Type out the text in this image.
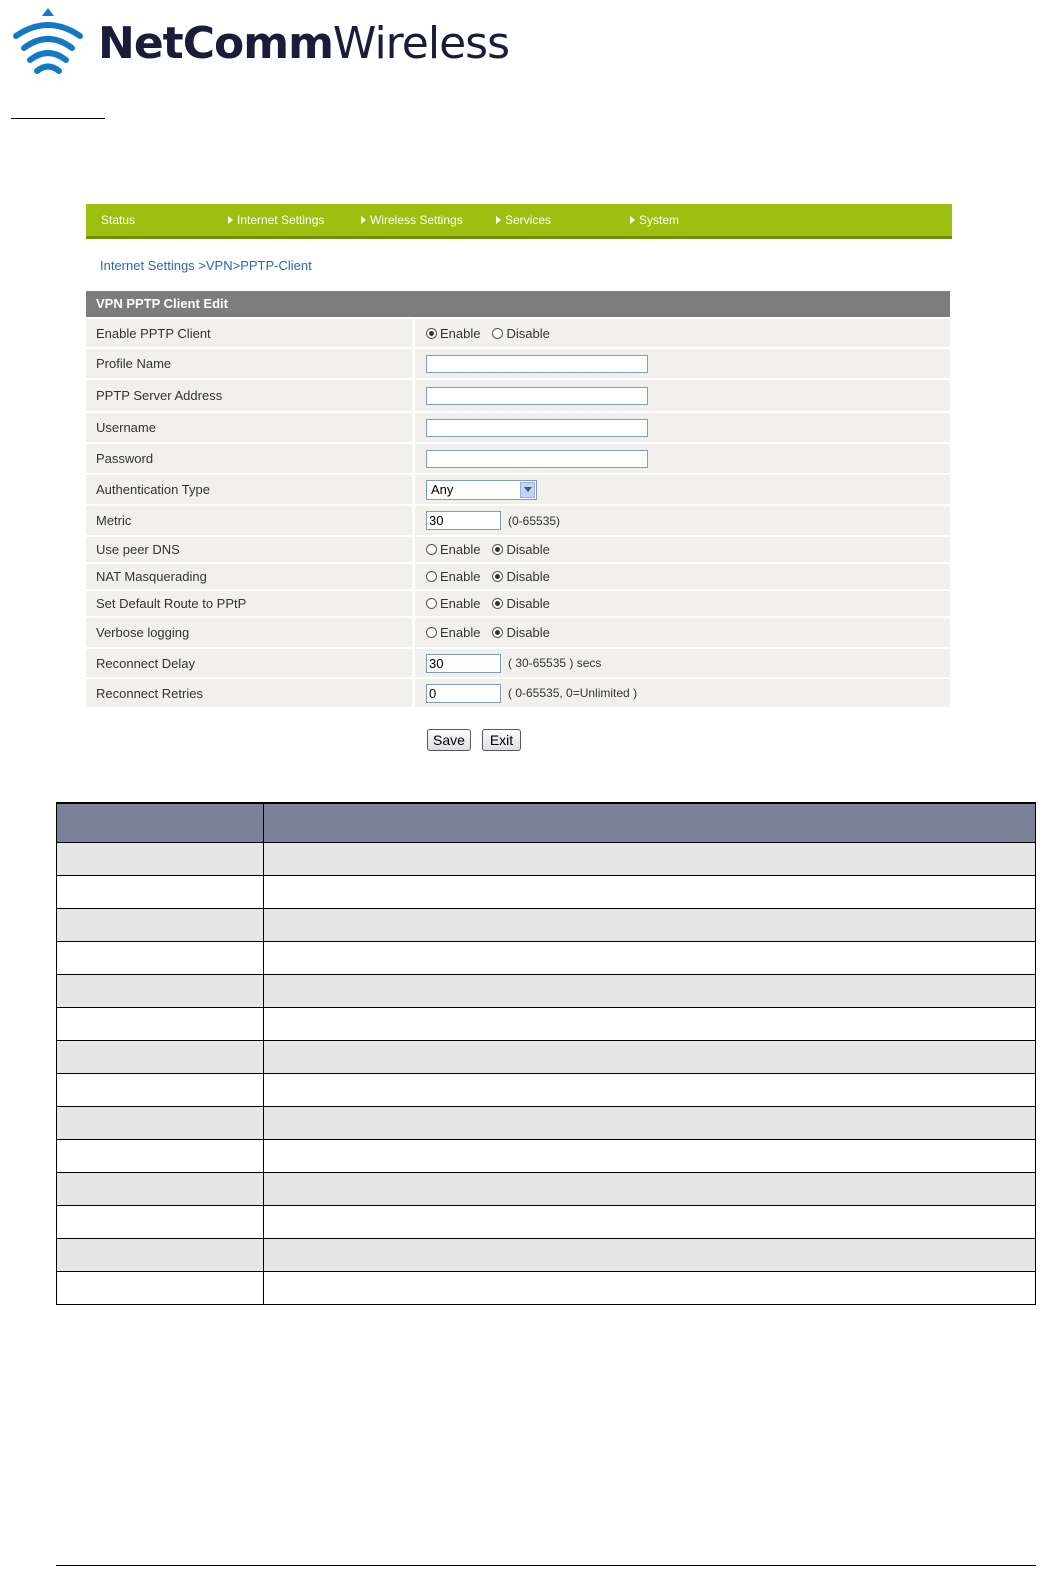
NetCommWireless
Status	Internet Settings	Wireless Settings	Services	System
Internet Settings >VPN>PPTP-Client
VPN PPTP Client Edit
Enable PPTP Client	Enable Disable
Profile Name
PPTP Server Address
Username
Password
Authentication Type	Any
Metric	30	(0-65535)
Use peer DNS	Enable Disable
NAT Masquerading	Enable Disable
Set Default Route to PPtP	Enable Disable
Verbose logging	Enable Disable
Reconnect Delay	30	( 30-65535 ) secs
Reconnect Retries	0	( 0-65535, 0=Unlimited )
Save	Exit
